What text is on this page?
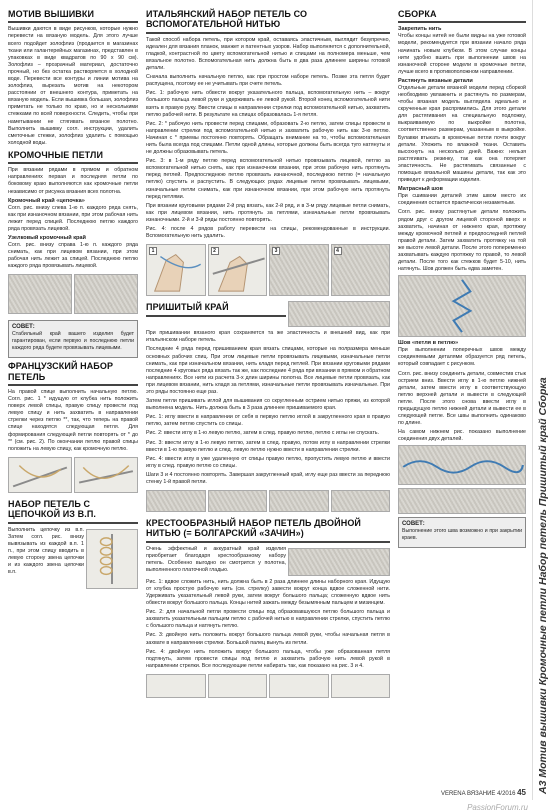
МОТИВ ВЫШИВКИ

Вышивки даются в виде рисунков, которые нужно перевести на вязаную модель. Для этого лучше всего подойдет золофлиз (продается в магазинах ткани или галантерейных магазинах, представлен в упаковках в виде квадратов по 90 х 90 см). Золофлиз – прозрачный материал, достаточно прочный, но без остатка растворяется в холодной воде. Перевести все контуры и линии мотива на золофлиз, вырезать мотив на некотором расстоянии от внешнего контура, приметать на вязаную модель. Если вышивка большая, золофлиз приметать не только по краю, но и несколькими стежками по всей поверхности. Следить, чтобы при наметывании не стягивать вязаное полотно. Выполнить вышивку согл. инструкции, удалить сметочные стежки, золофлиз удалить с помощью холодной воды.

КРОМОЧНЫЕ ПЕТЛИ

При вязании рядами в прямом и обратном направлениях первая и последняя петли по боковому краю выполняются как кромочные петли независимо от рисунка вязания всех полотна.

Кромочный край «цепочка»

Согл. рис. внизу слева 1-ю п. каждого ряда снять, как при изнаночном вязании, при этом рабочая нить лежит перед спицей. Последнюю петлю каждого ряда провязать лицевой.

Узелковый кромочный край

Согл. рис. внизу справа 1-ю п. каждого ряда снимать, как при лицевом вязании, при этом рабочая нить лежит за спицей. Последнюю петлю каждого ряда провязывать лицевой.

СОВЕТ:

Стабильный край вашего изделия будет гарантирован, если первую и последнюю петли каждого ряда будете провязывать лицевыми.

ФРАНЦУЗСКИЙ НАБОР ПЕТЕЛЬ

На правой спице выполнить начальную петлю. Согл. рис. 1 * идущую от клубка нить положить поверх левой спицы, правую спицу провести под левую спицу и нить захватить в направлении стрелки через петлю **, так, что теперь на правой спице находятся следующая петля. Для формирования следующей петли повторять от * до ** (см. рис. 2). По окончании петлю правой спицы положить на левую спицу, как кромочную петлю.

НАБОР ПЕТЕЛЬ С ЦЕПОЧКОЙ ИЗ В.П.

Выполнить цепочку из в.п. Затем согл. рис. внизу вывязывать из каждой в.п. 1 п., при этом спицу вводить в левую сторону звена цепочки и из каждого звена цепочки в.п.

ИТАЛЬЯНСКИЙ НАБОР ПЕТЕЛЬ СО ВСПОМОГАТЕЛЬНОЙ НИТЬЮ

Такой способ набора петель, при котором край, оставаясь эластичным, выглядит безупречно, идеален для вязания планок, манжет и патентных узоров. Набор выполняется с дополнительной, гладкой, контрастной по цвету вспомогательной нитью и спицами на полномера меньше, чем вязальное полотно. Вспомогательная нить должна быть в два раза длиннее ширины готовой детали.

Сначала выполнить начальную петлю, как при простом наборе петель. Позже эта петля будет распущена, поэтому ее не учитывать при счете петель.

Рис. 1: рабочую нить обвести вокруг указательного пальца, вспомогательную нить – вокруг большого пальца левой руки и удерживать ее левой рукой. Второй конец вспомогательной нити взять в правую руку. Ввести спицы в направлении стрелки под вспомогательной нитью, захватить петлю рабочей нити. В результате на спицах образовалась 1-я петля.

Рис. 2: * рабочую нить провести перед спицами, образовать 2-ю петлю, затем спицы провести в направлении стрелки под вспомогательной нитью и захватить рабочую нить как 3-ю петлю. Начиная с * приемы постоянно повторять. Обращать внимание на то, чтобы вспомогательная нить была всегда под спицами. Петли одной длины, которые должны быть всегда туго натянуты и не должны образовывать петель.

Рис. 3: в 1-м ряду петлю перед вспомогательной нитью провязывать лицевой, петлю за вспомогательной нитью снять, как при изнаночном вязании, при этом рабочую нить протянуть перед петлей. Предпоследнюю петлю провязать изнаночной, последнюю петлю (= начальную петлю) спустить и распустить. В следующих рядах лицевые петли провязывать лицевыми, изначальные петли снимать, как при изнаночном вязании, при этом рабочую нить протянуть перед петлями.

При вязании круговыми рядами 2-й ряд вязать, как 2-й ряд, и в 3-м ряду лицевые петли снимать, как при лицевом вязании, нить протянуть за петлями, изначальные петли провязывать изнаночными. 2-й и 3-й ряды постоянно повторять.

Рис. 4: после 4 рядов работу перевести на спицы, рекомендованные в инструкции. Вспомогательную нить удалить.

1	2	3	4
ПРИШИТЫЙ КРАЙ

При пришивании вязаного края сохраняется та же эластичность и внешний вид, как при итальянском наборе петель.

Последние 4 ряда перед пришиванием края вязать спицами, которые на полразмера меньше основных рабочих спиц. При этом лицевые петли провязывать лицевыми, изначальные петли снимать, как при изначальном вязании, нить кладя перед петлей. При вязании круговыми рядами последние 4 круговых ряда вязать так же, как последние 4 ряда при вязании в прямом и обратном направлениях. Все нити из расчета 3-х длин ширины полотна. Все лицевые петли провязать, как при лицевом вязании, нить кладя за петлями, изначальные петли провязывать изначальные. При это ряды постоянно еще раз.

Затем петли пришивать иглой для вышивания со скругленным острием нитью пряжи, из которой выполнена модель. Нить должна быть в 3 раза длиннее пришиваемого края.

Рис. 1: иглу ввести в направлении от себя в первую петлю иглой в закругленного края в правую петлю, затем петлю спустить со спицы.

Рис. 2: ввести иглу в 1-ю левую петлю, затем в след. правую петлю, петлю с иглы не спускать.

Рис. 3: ввести иглу в 1-ю левую петлю, затем в след. правую, потом иглу в направлении стрелки ввести в 1-ю правую петлю и след. левую петлю нужно ввести в направлении стрелки.

Рис. 4: ввести иглу в уже удаленную от спицы правую петлю, пропустить левую петлю и ввести иглу в след. правую петлю со спицы.

Шаги 3 и 4 постоянно повторять. Завершая закругленный край, иглу еще раз ввести за переднюю стенку 1-й правой петли.

КРЕСТООБРАЗНЫЙ НАБОР ПЕТЕЛЬ ДВОЙНОЙ НИТЬЮ (= БОЛГАРСКИЙ «ЗАЧИН»)

Очень эффектный и аккуратный край изделия приобретает благодаря крестообразному набору петель. Особенно выгодно он смотрится у полотна, выполненного платочной гладью.

Рис. 1: вдвое сложить нить, нить должна быть в 2 раза длиннее длины наборного края. Идущую от клубка простую рабочую нить (см. стрелку) завести вокруг конца вдвое сложенной нити. Удерживать указательный левой руки, затем вокруг большого пальца; сложенную вдвое нить обвести вокруг большого пальца. Концы нитей зажать между безымянным пальцем и мизинцем.

Рис. 2: для начальной петли провести спицы под образовавшуюся петлю большого пальца и захватить указательным пальцем петлю с рабочей нитью в направлении стрелки, спустить петлю с большого пальца и натянуть петлю.

Рис. 3: двойную нить положить вокруг большого пальца левой руки, чтобы начальная петля в захвате в направлении стрелки. Большой палец вынуть из петли.

Рис. 4: двойную нить положить вокруг большого пальца, чтобы уже образованная петля подтянуть, затем провести спицы под петлю и захватить рабочую нить левой рукой в направлении стрелки. Все последующие петли набирать так, как показано на рис. 3 и 4.

СБОРКА
Закрепить нить

Чтобы концы нитей не были видны на уже готовой модели, рекомендуется при вязании начало ряда начинать новым клубком. В этом случае концы нити удобно вшить при выполнении швов на изнаночной стороне модели в кромочные петли, лучше всего в противоположном направлении.

Растянуть вязаные детали

Отдельные детали вязаной модели перед сборкой необходимо увлажнить и растянуть по размерам, чтобы вязаная модель выглядела идеально и скрученные края распрямились. Для этого детали для растягивания на специальную подложку, выкраиваемую по выкройке полотна, соответственно размерам, указанным в выкройке. Булавки втыкать в кромочные петли почти вокруг детали. Уложить по влажной ткани. Оставить высохнуть на несколько дней. Важно: нельзя растягивать резинку, так как она потеряет эластичность. Не растягивать связанные с помощью вязальной машины детали, так как это приведет к деформации изделия.

Матрасный шов

При сшивании деталей этим швом место их соединения остается практически незаметным.

Согл. рис. внизу растянутые детали положить рядом друг с другом лицевой стороной вверх и захватить, начиная от нижнего края, протяжку между кромочной петлей и предпоследней петлей правой детали. Затем захватить протяжку на той же высоте левой детали. После этого попеременно захватывать каждую протяжку то правой, то левой детали. После того как стежков будет 5-10, нить натянуть. Шов должен быть едва заметен.

Шов «петля в петлю»

При выполнении поперечных швов между соединяемыми деталями образуется ряд петель, который совпадает с рисунком.

Согл. рис. внизу соединить детали, совместив стык острием вниз. Ввести иглу в 1-ю петлю нижней детали, затем ввести иглу в соответствующую петлю верхней детали и вывести в следующей петле. После этого снова ввести иглу в предыдущую петлю нижней детали и вывести ее в следующей петле. Все швы выполнить одинаково по длине.

На самом нижнем рис. показано выполнение соединения двух деталей.

СОВЕТ:

Выполнение этого шва возможно и при закрытии краев.	А3 Мотив вышивки Кромочные петли Набор петель Пришитый край Сборка
VERENA ВЯЗАНИЕ 4/2016 45
PassionForum.ru
